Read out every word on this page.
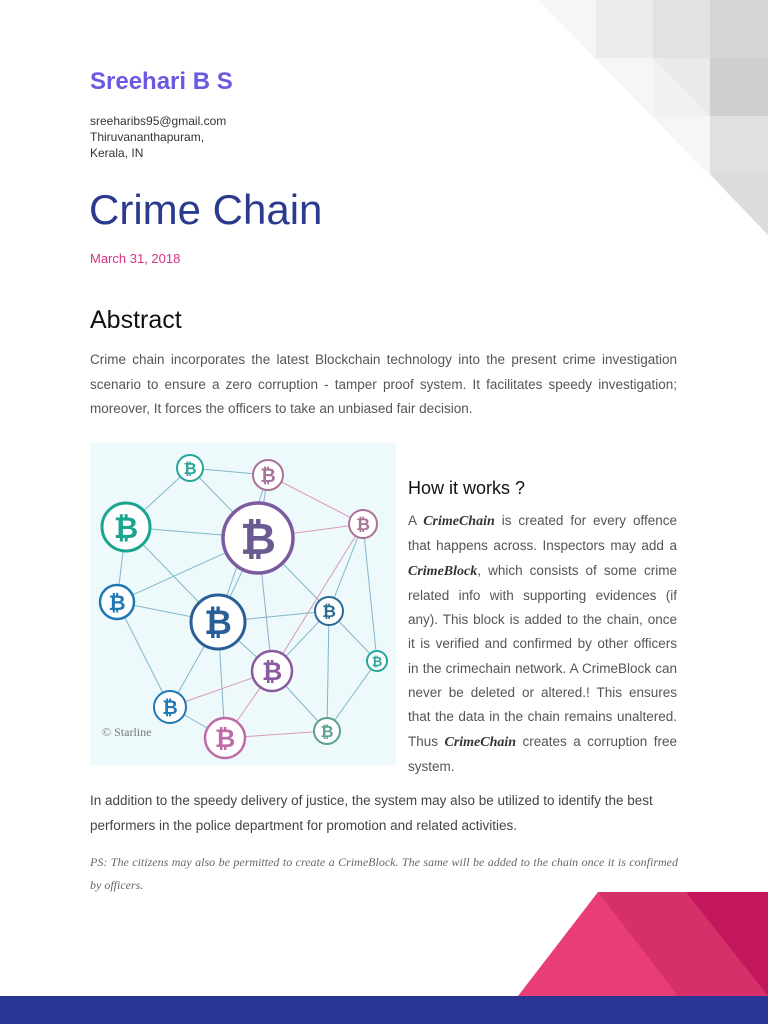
Sreehari B S
sreeharibs95@gmail.com
Thiruvananthapuram,
Kerala, IN
Crime Chain
March 31, 2018
Abstract

Crime chain incorporates the latest Blockchain technology into the present crime investigation scenario to ensure a zero corruption - tamper proof system. It facilitates speedy investigation; moreover, It forces the officers to take an unbiased fair decision.

₿	₿
₿ ₿	₿
₿ ₿	₿
₿
₿
₿
₿
₿
© Starline
How it works ?

A CrimeChain is created for every offence that happens across. Inspectors may add a CrimeBlock, which consists of some crime related info with supporting evidences (if any). This block is added to the chain, once it is verified and confirmed by other officers in the crimechain network. A CrimeBlock can never be deleted or altered.! This ensures that the data in the chain remains unaltered. Thus CrimeChain creates a corruption free system.

In addition to the speedy delivery of justice, the system may also be utilized to identify the best performers in the police department for promotion and related activities.

PS: The citizens may also be permitted to create a CrimeBlock. The same will be added to the chain once it is confirmed by officers.
